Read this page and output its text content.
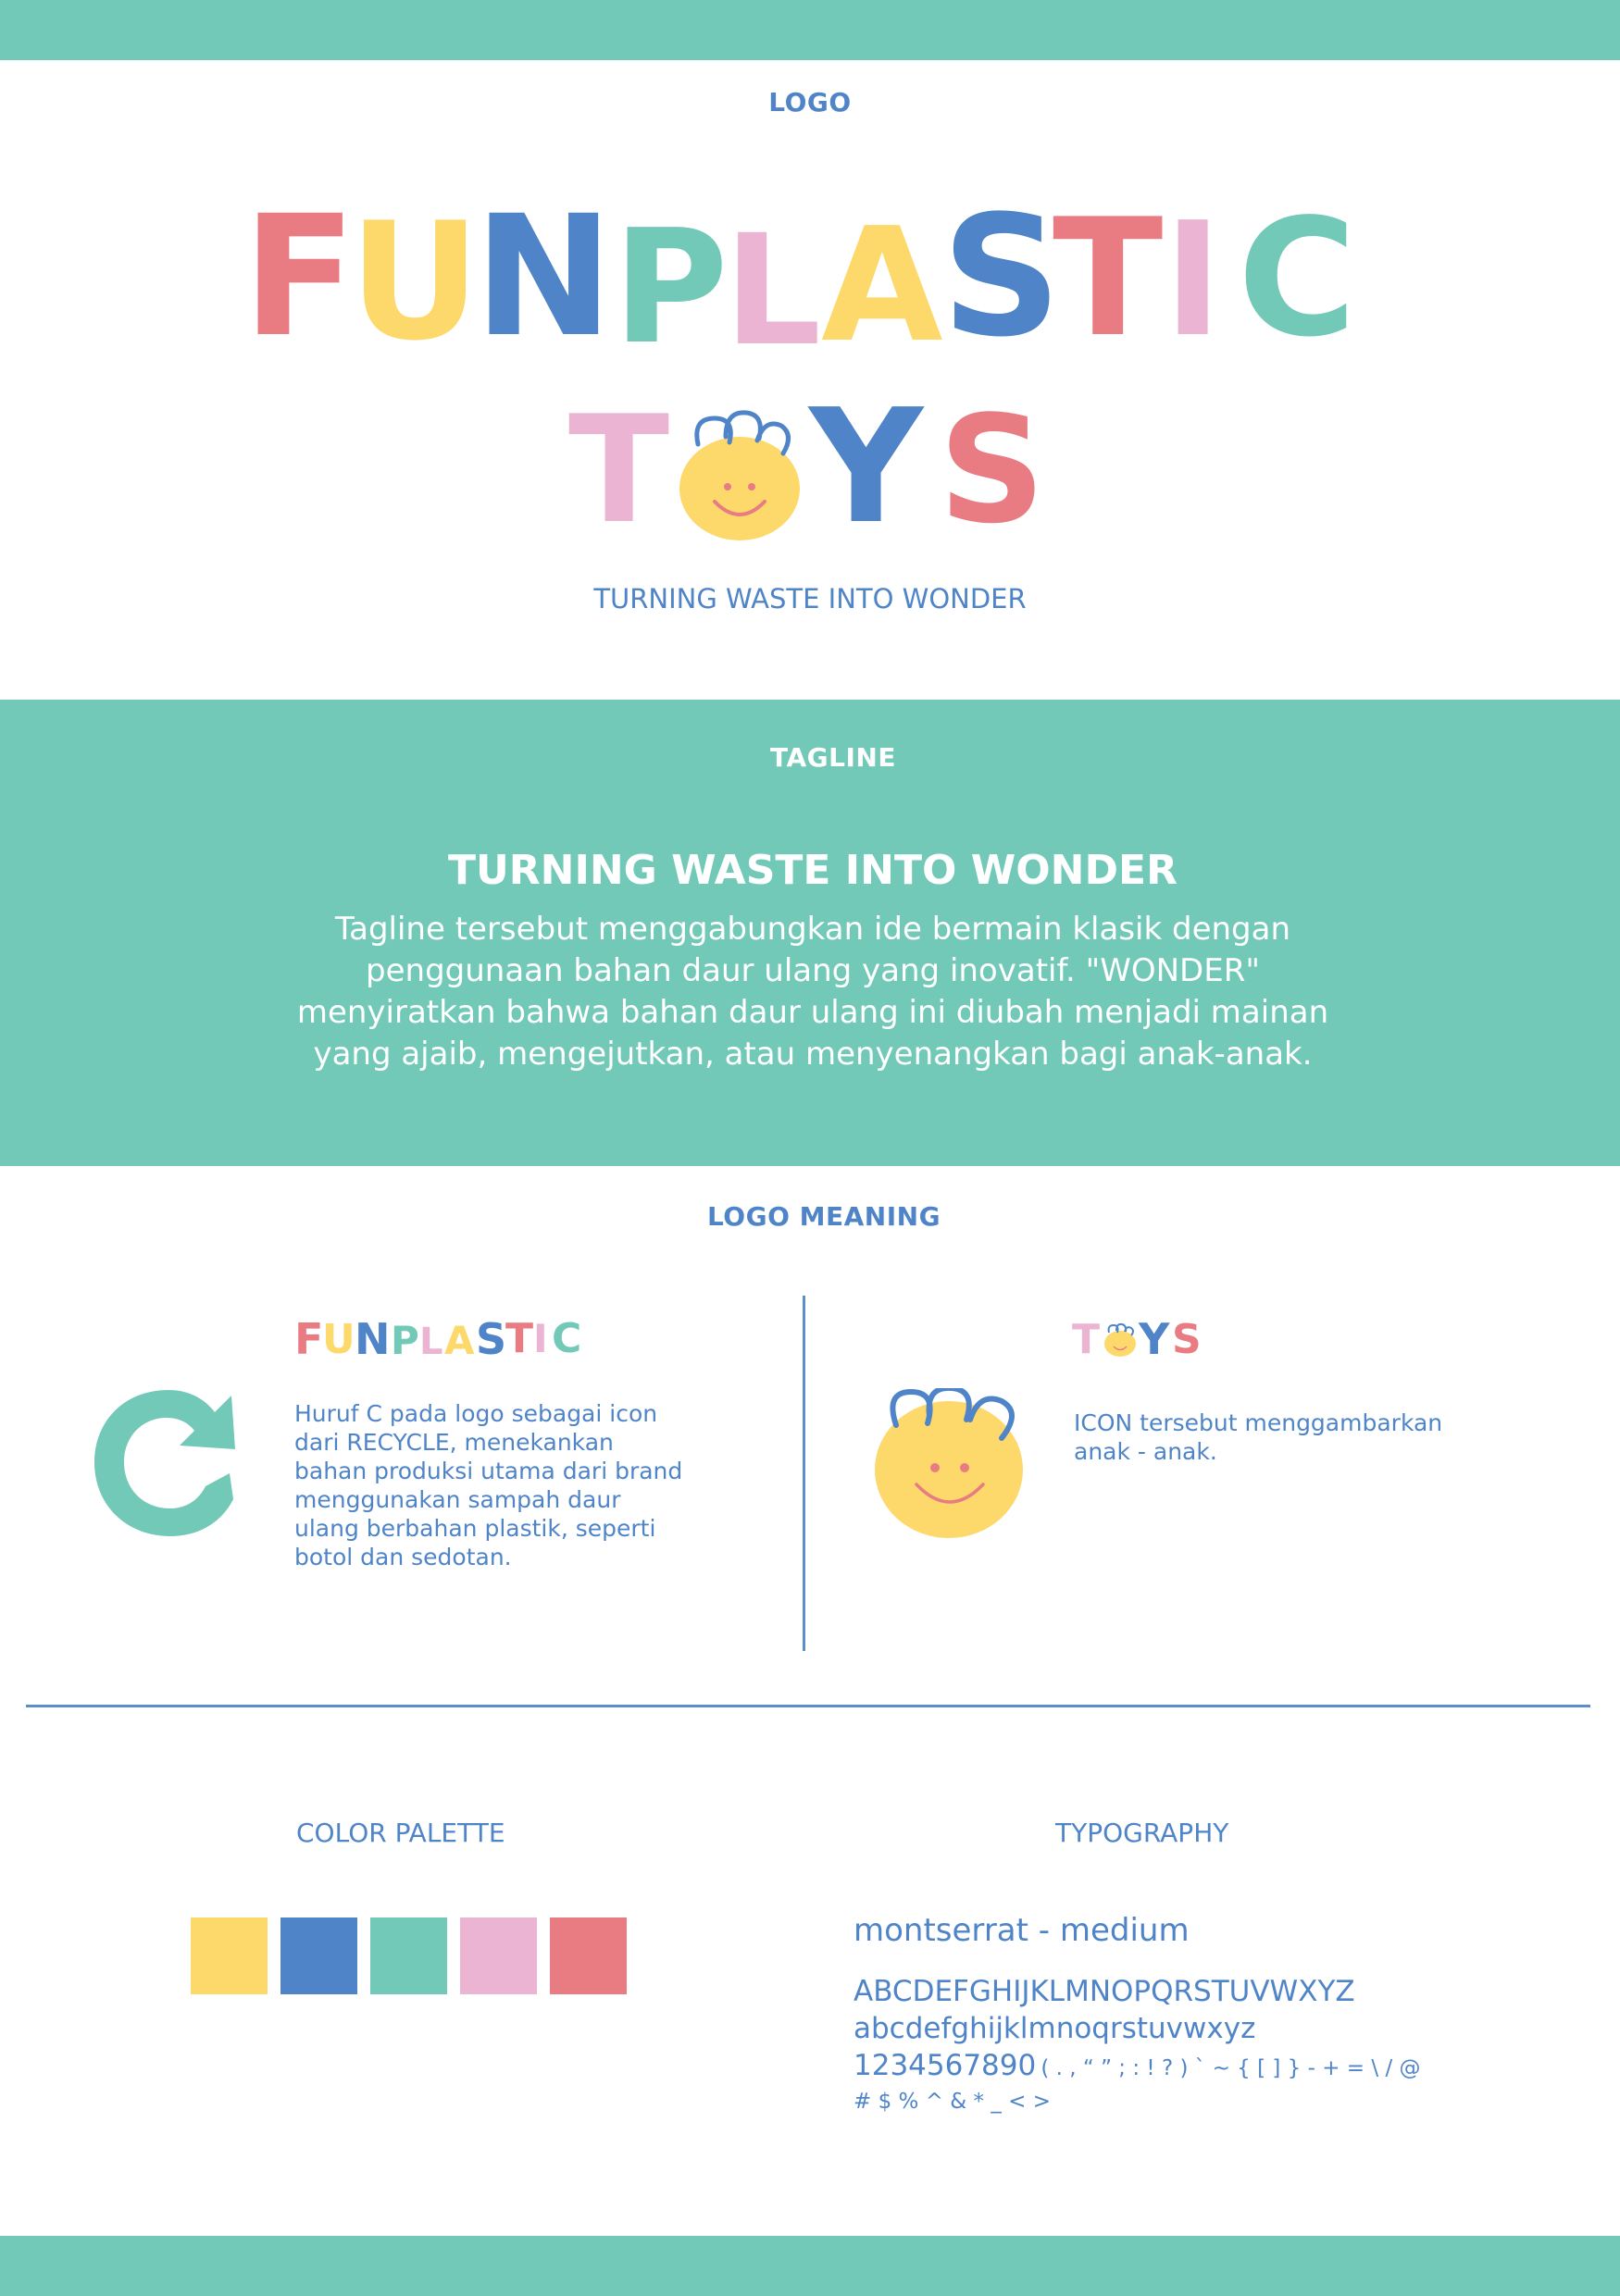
LOGO
F
U
N P
L A
S
T I C
T Y S
TURNING WASTE INTO WONDER
TAGLINE
TURNING WASTE INTO WONDER
Tagline tersebut menggabungkan ide bermain klasik dengan
penggunaan bahan daur ulang yang inovatif. "WONDER"
menyiratkan bahwa bahan daur ulang ini diubah menjadi mainan
yang ajaib, mengejutkan, atau menyenangkan bagi anak-anak.
LOGO MEANING
F
U N P L A S
T I C
Huruf C pada logo sebagai icon
dari RECYCLE, menekankan
bahan produksi utama dari brand
menggunakan sampah daur
ulang berbahan plastik, seperti
botol dan sedotan.
T Y S
ICON tersebut menggambarkan
anak - anak.
COLOR PALETTE	TYPOGRAPHY
montserrat - medium
ABCDEFGHIJKLMNOPQRSTUVWXYZ
abcdefghijklmnoqrstuvwxyz
1234567890 ( . , “ ” ; : ! ? ) ` ~ { [ ] } - + = \ / @
# $ % ^ & * _ < >
